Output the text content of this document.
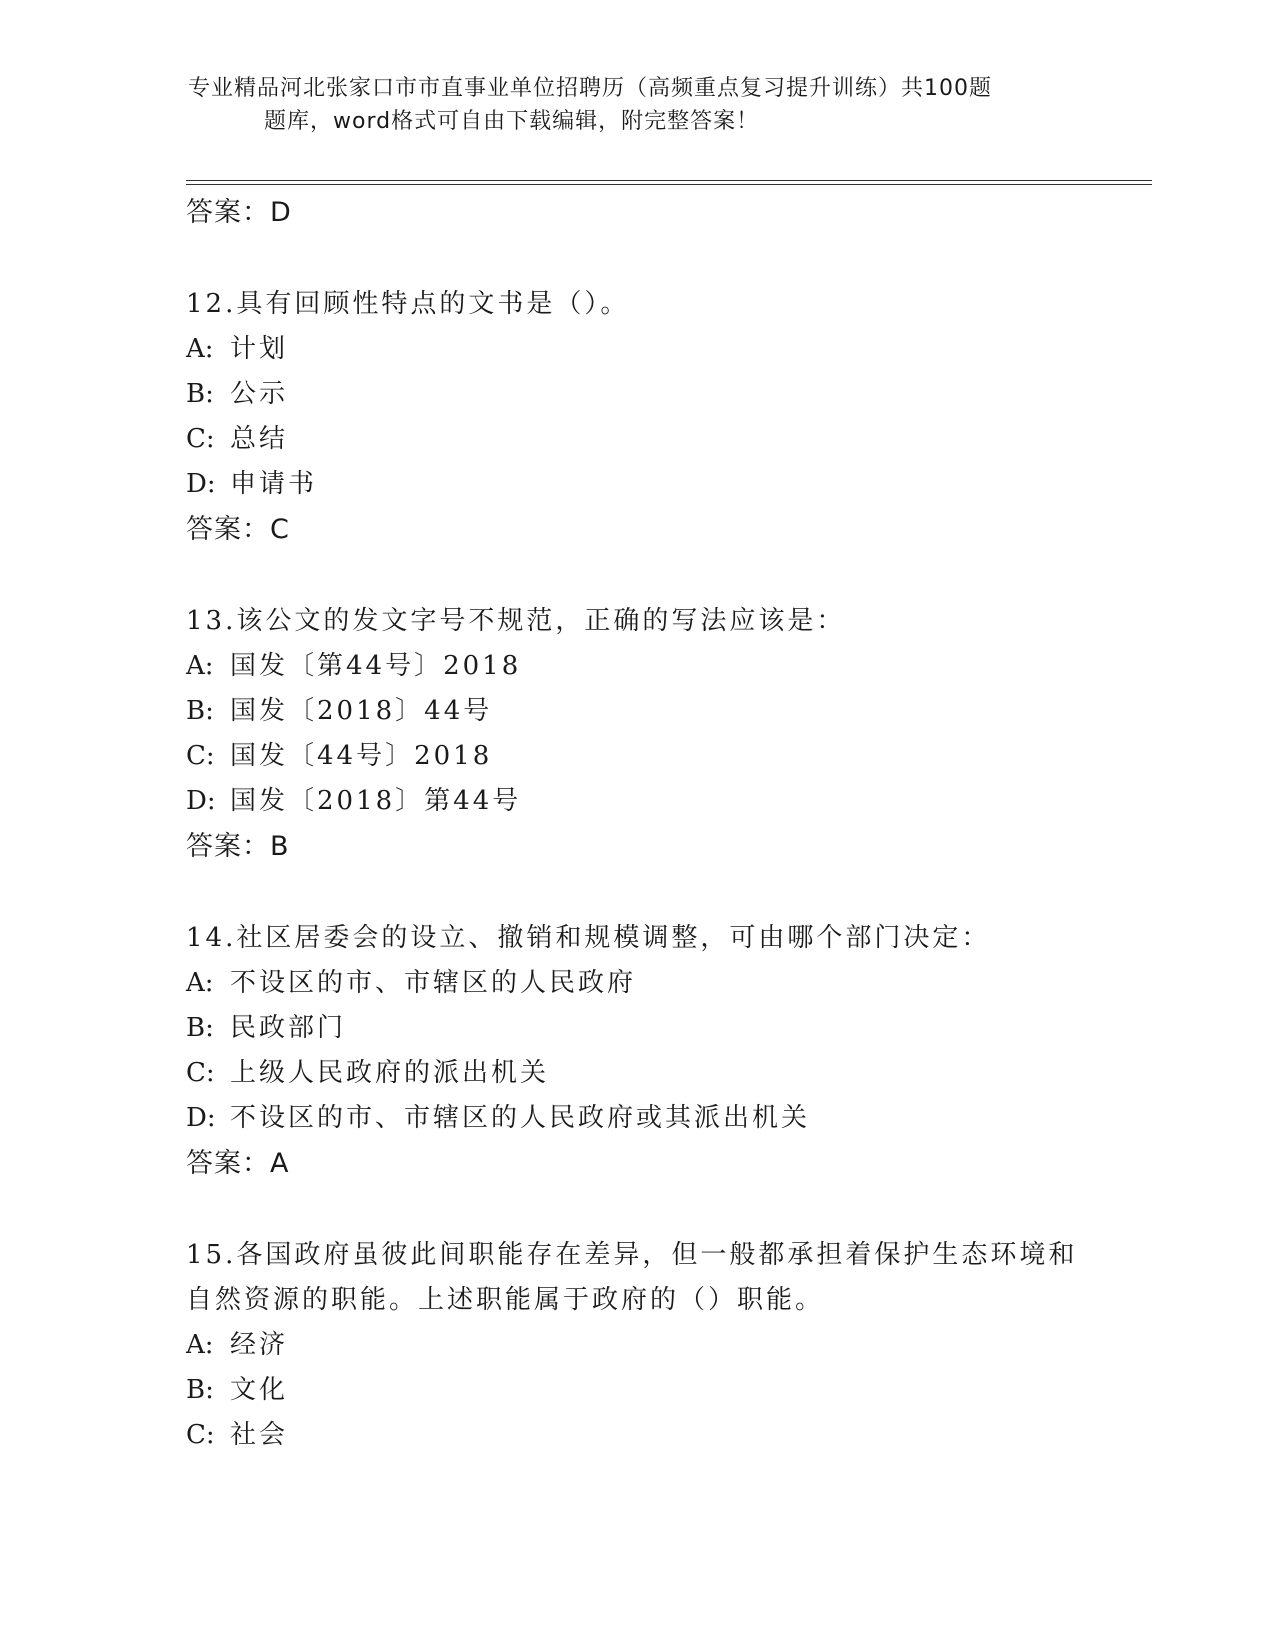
专业精品河北张家口市市直事业单位招聘历（高频重点复习提升训练）共100题

题库，word格式可自由下载编辑，附完整答案！
答案：D

12.具有回顾性特点的文书是（）。

A: 计划
B: 公示
C: 总结
D: 申请书
答案：C

13.该公文的发文字号不规范，正确的写法应该是：

A: 国发〔第44号〕2018
B: 国发〔2018〕44号
C: 国发〔44号〕2018
D: 国发〔2018〕第44号
答案：B

14.社区居委会的设立、撤销和规模调整，可由哪个部门决定：

A: 不设区的市、市辖区的人民政府
B: 民政部门
C: 上级人民政府的派出机关
D: 不设区的市、市辖区的人民政府或其派出机关
答案：A
15.各国政府虽彼此间职能存在差异，但一般都承担着保护生态环境和
自然资源的职能。上述职能属于政府的（）职能。
A: 经济
B: 文化
C: 社会
